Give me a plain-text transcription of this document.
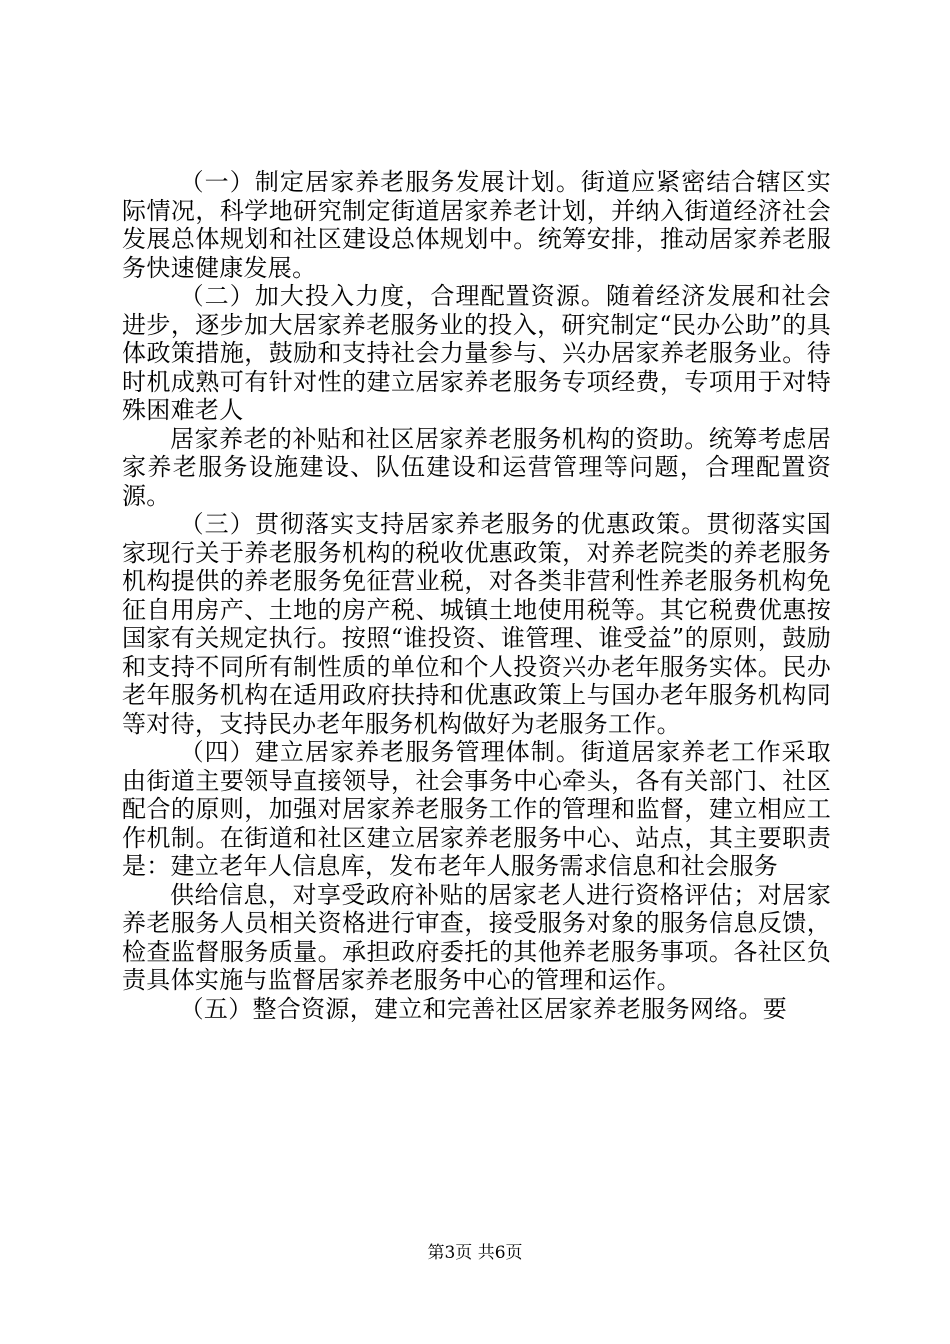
（一）制定居家养老服务发展计划。街道应紧密结合辖区实际情况，科学地研究制定街道居家养老计划，并纳入街道经济社会发展总体规划和社区建设总体规划中。统筹安排，推动居家养老服务快速健康发展。

（二）加大投入力度，合理配置资源。随着经济发展和社会进步，逐步加大居家养老服务业的投入，研究制定“民办公助”的具体政策措施，鼓励和支持社会力量参与、兴办居家养老服务业。待时机成熟可有针对性的建立居家养老服务专项经费，专项用于对特殊困难老人

居家养老的补贴和社区居家养老服务机构的资助。统筹考虑居家养老服务设施建设、队伍建设和运营管理等问题，合理配置资源。

（三）贯彻落实支持居家养老服务的优惠政策。贯彻落实国家现行关于养老服务机构的税收优惠政策，对养老院类的养老服务机构提供的养老服务免征营业税，对各类非营利性养老服务机构免征自用房产、土地的房产税、城镇土地使用税等。其它税费优惠按国家有关规定执行。按照“谁投资、谁管理、谁受益”的原则，鼓励和支持不同所有制性质的单位和个人投资兴办老年服务实体。民办老年服务机构在适用政府扶持和优惠政策上与国办老年服务机构同等对待，支持民办老年服务机构做好为老服务工作。

（四）建立居家养老服务管理体制。街道居家养老工作采取由街道主要领导直接领导，社会事务中心牵头，各有关部门、社区配合的原则，加强对居家养老服务工作的管理和监督，建立相应工作机制。在街道和社区建立居家养老服务中心、站点，其主要职责是：建立老年人信息库，发布老年人服务需求信息和社会服务

供给信息，对享受政府补贴的居家老人进行资格评估；对居家养老服务人员相关资格进行审查，接受服务对象的服务信息反馈，检查监督服务质量。承担政府委托的其他养老服务事项。各社区负责具体实施与监督居家养老服务中心的管理和运作。

（五）整合资源，建立和完善社区居家养老服务网络。要

第3页 共6页
